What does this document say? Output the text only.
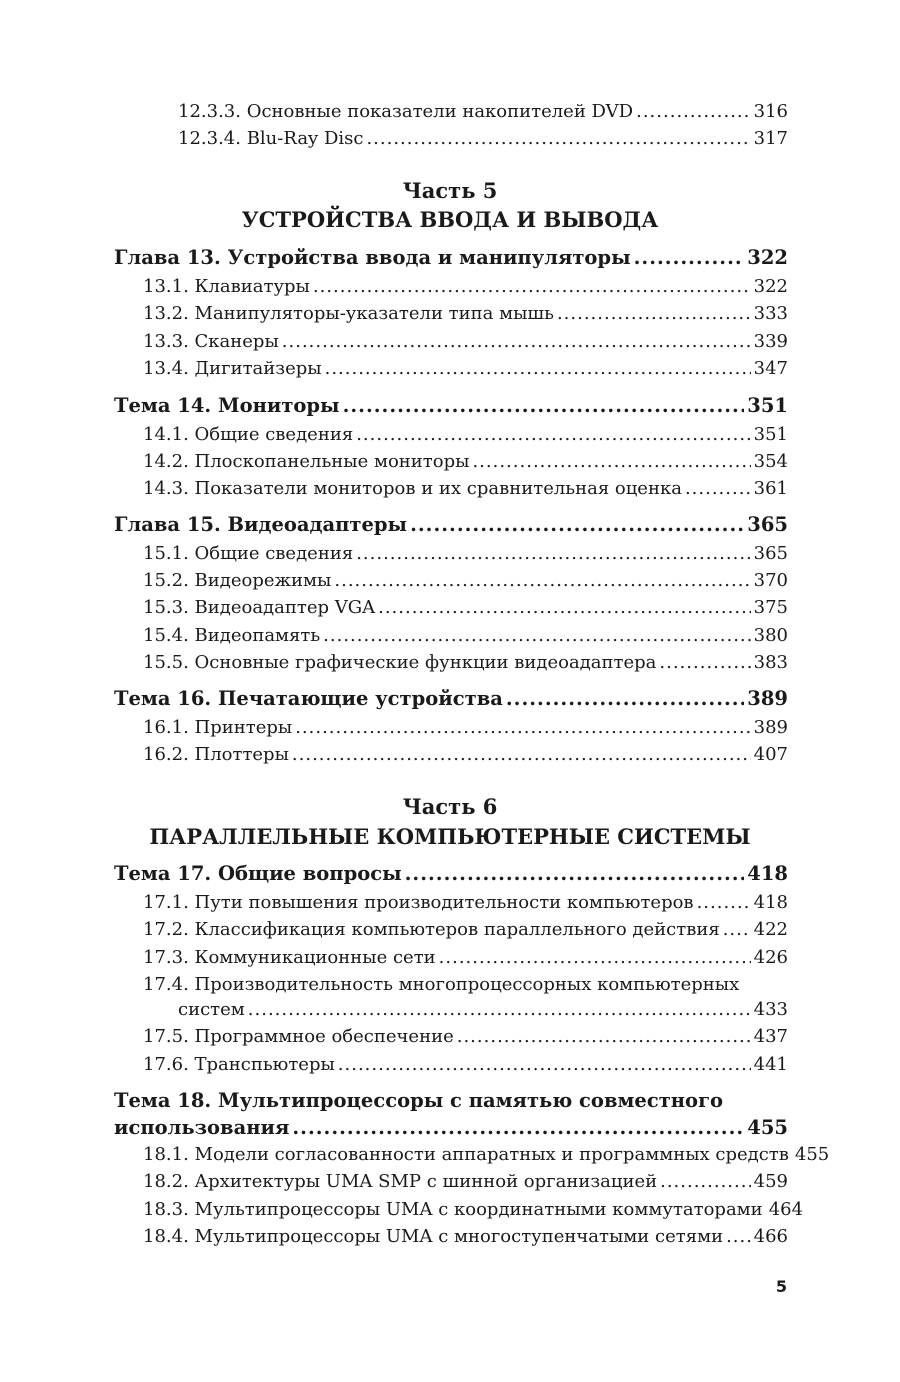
12.3.3. Основные показатели накопителей DVD .....	316
12.3.4. Blu-Ray Disc .....	317
Часть 5
УСТРОЙСТВА ВВОДА И ВЫВОДА
Глава 13. Устройства ввода и манипуляторы .....	322
13.1. Клавиатуры .....	322
13.2. Манипуляторы-указатели типа мышь .....	333
13.3. Сканеры .....	339
13.4. Дигитайзеры .....	347
Тема 14. Мониторы .....	351
14.1. Общие сведения .....	351
14.2. Плоскопанельные мониторы .....	354
14.3. Показатели мониторов и их сравнительная оценка .....	361
Глава 15. Видеоадаптеры .....	365
15.1. Общие сведения .....	365
15.2. Видеорежимы .....	370
15.3. Видеоадаптер VGA .....	375
15.4. Видеопамять .....	380
15.5. Основные графические функции видеоадаптера .....	383
Тема 16. Печатающие устройства .....	389
16.1. Принтеры .....	389
16.2. Плоттеры .....	407
Часть 6
ПАРАЛЛЕЛЬНЫЕ КОМПЬЮТЕРНЫЕ СИСТЕМЫ
Тема 17. Общие вопросы .....	418
17.1. Пути повышения производительности компьютеров .....	418
17.2. Классификация компьютеров параллельного действия ..... 422
17.3. Коммуникационные сети .....	426
17.4. Производительность многопроцессорных компьютерных
систем .....	433
17.5. Программное обеспечение .....	437
17.6. Транспьютеры .....	441
Тема 18. Мультипроцессоры с памятью совместного
использования .....	455
18.1. Модели согласованности аппаратных и программных средств 455
18.2. Архитектуры UMA SMP с шинной организацией .....	459
18.3. Мультипроцессоры UMA с координатными коммутаторами 464
18.4. Мультипроцессоры UMA с многоступенчатыми сетями ..... 466
5
